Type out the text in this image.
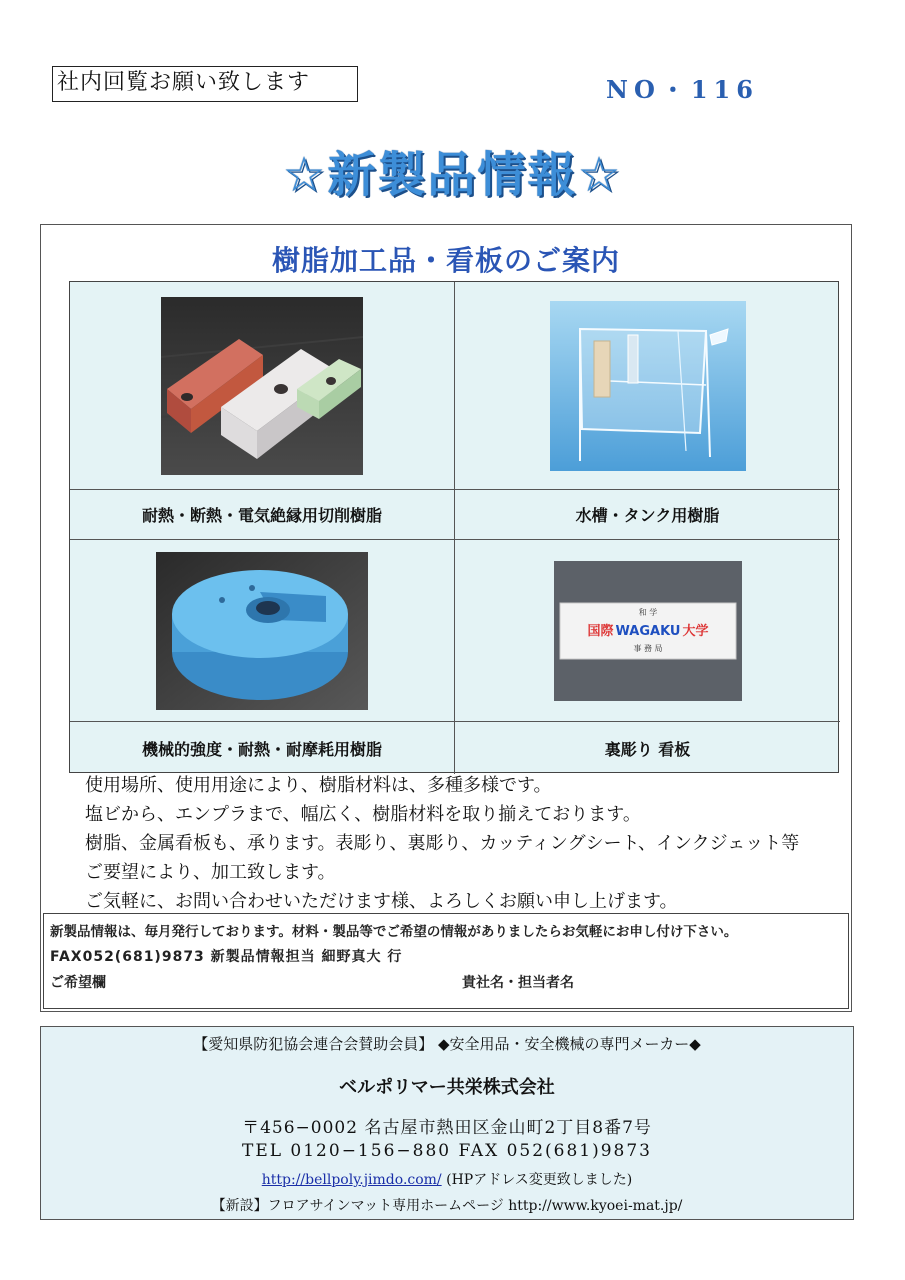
社内回覧お願い致します	NO・116
☆新製品情報☆
樹脂加工品・看板のご案内
耐熱・断熱・電気絶縁用切削樹脂	水槽・タンク用樹脂
和 学
国際 WAGAKU 大学
事 務 局
機械的強度・耐熱・耐摩耗用樹脂	裏彫り 看板

使用場所、使用用途により、樹脂材料は、多種多様です。

塩ビから、エンプラまで、幅広く、樹脂材料を取り揃えております。

樹脂、金属看板も、承ります。表彫り、裏彫り、カッティングシート、インクジェット等

ご要望により、加工致します。

ご気軽に、お問い合わせいただけます様、よろしくお願い申し上げます。

新製品情報は、毎月発行しております。材料・製品等でご希望の情報がありましたらお気軽にお申し付け下さい。

FAX052(681)9873 新製品情報担当 細野真大 行

ご希望欄	貴社名・担当者名

【愛知県防犯協会連合会賛助会員】 ◆安全用品・安全機械の専門メーカー◆
ベルポリマー共栄株式会社
〒456−0002 名古屋市熱田区金山町2丁目8番7号
TEL 0120−156−880 FAX 052(681)9873
http://bellpoly.jimdo.com/ (HPアドレス変更致しました)
【新設】フロアサインマット専用ホームページ http://www.kyoei-mat.jp/
